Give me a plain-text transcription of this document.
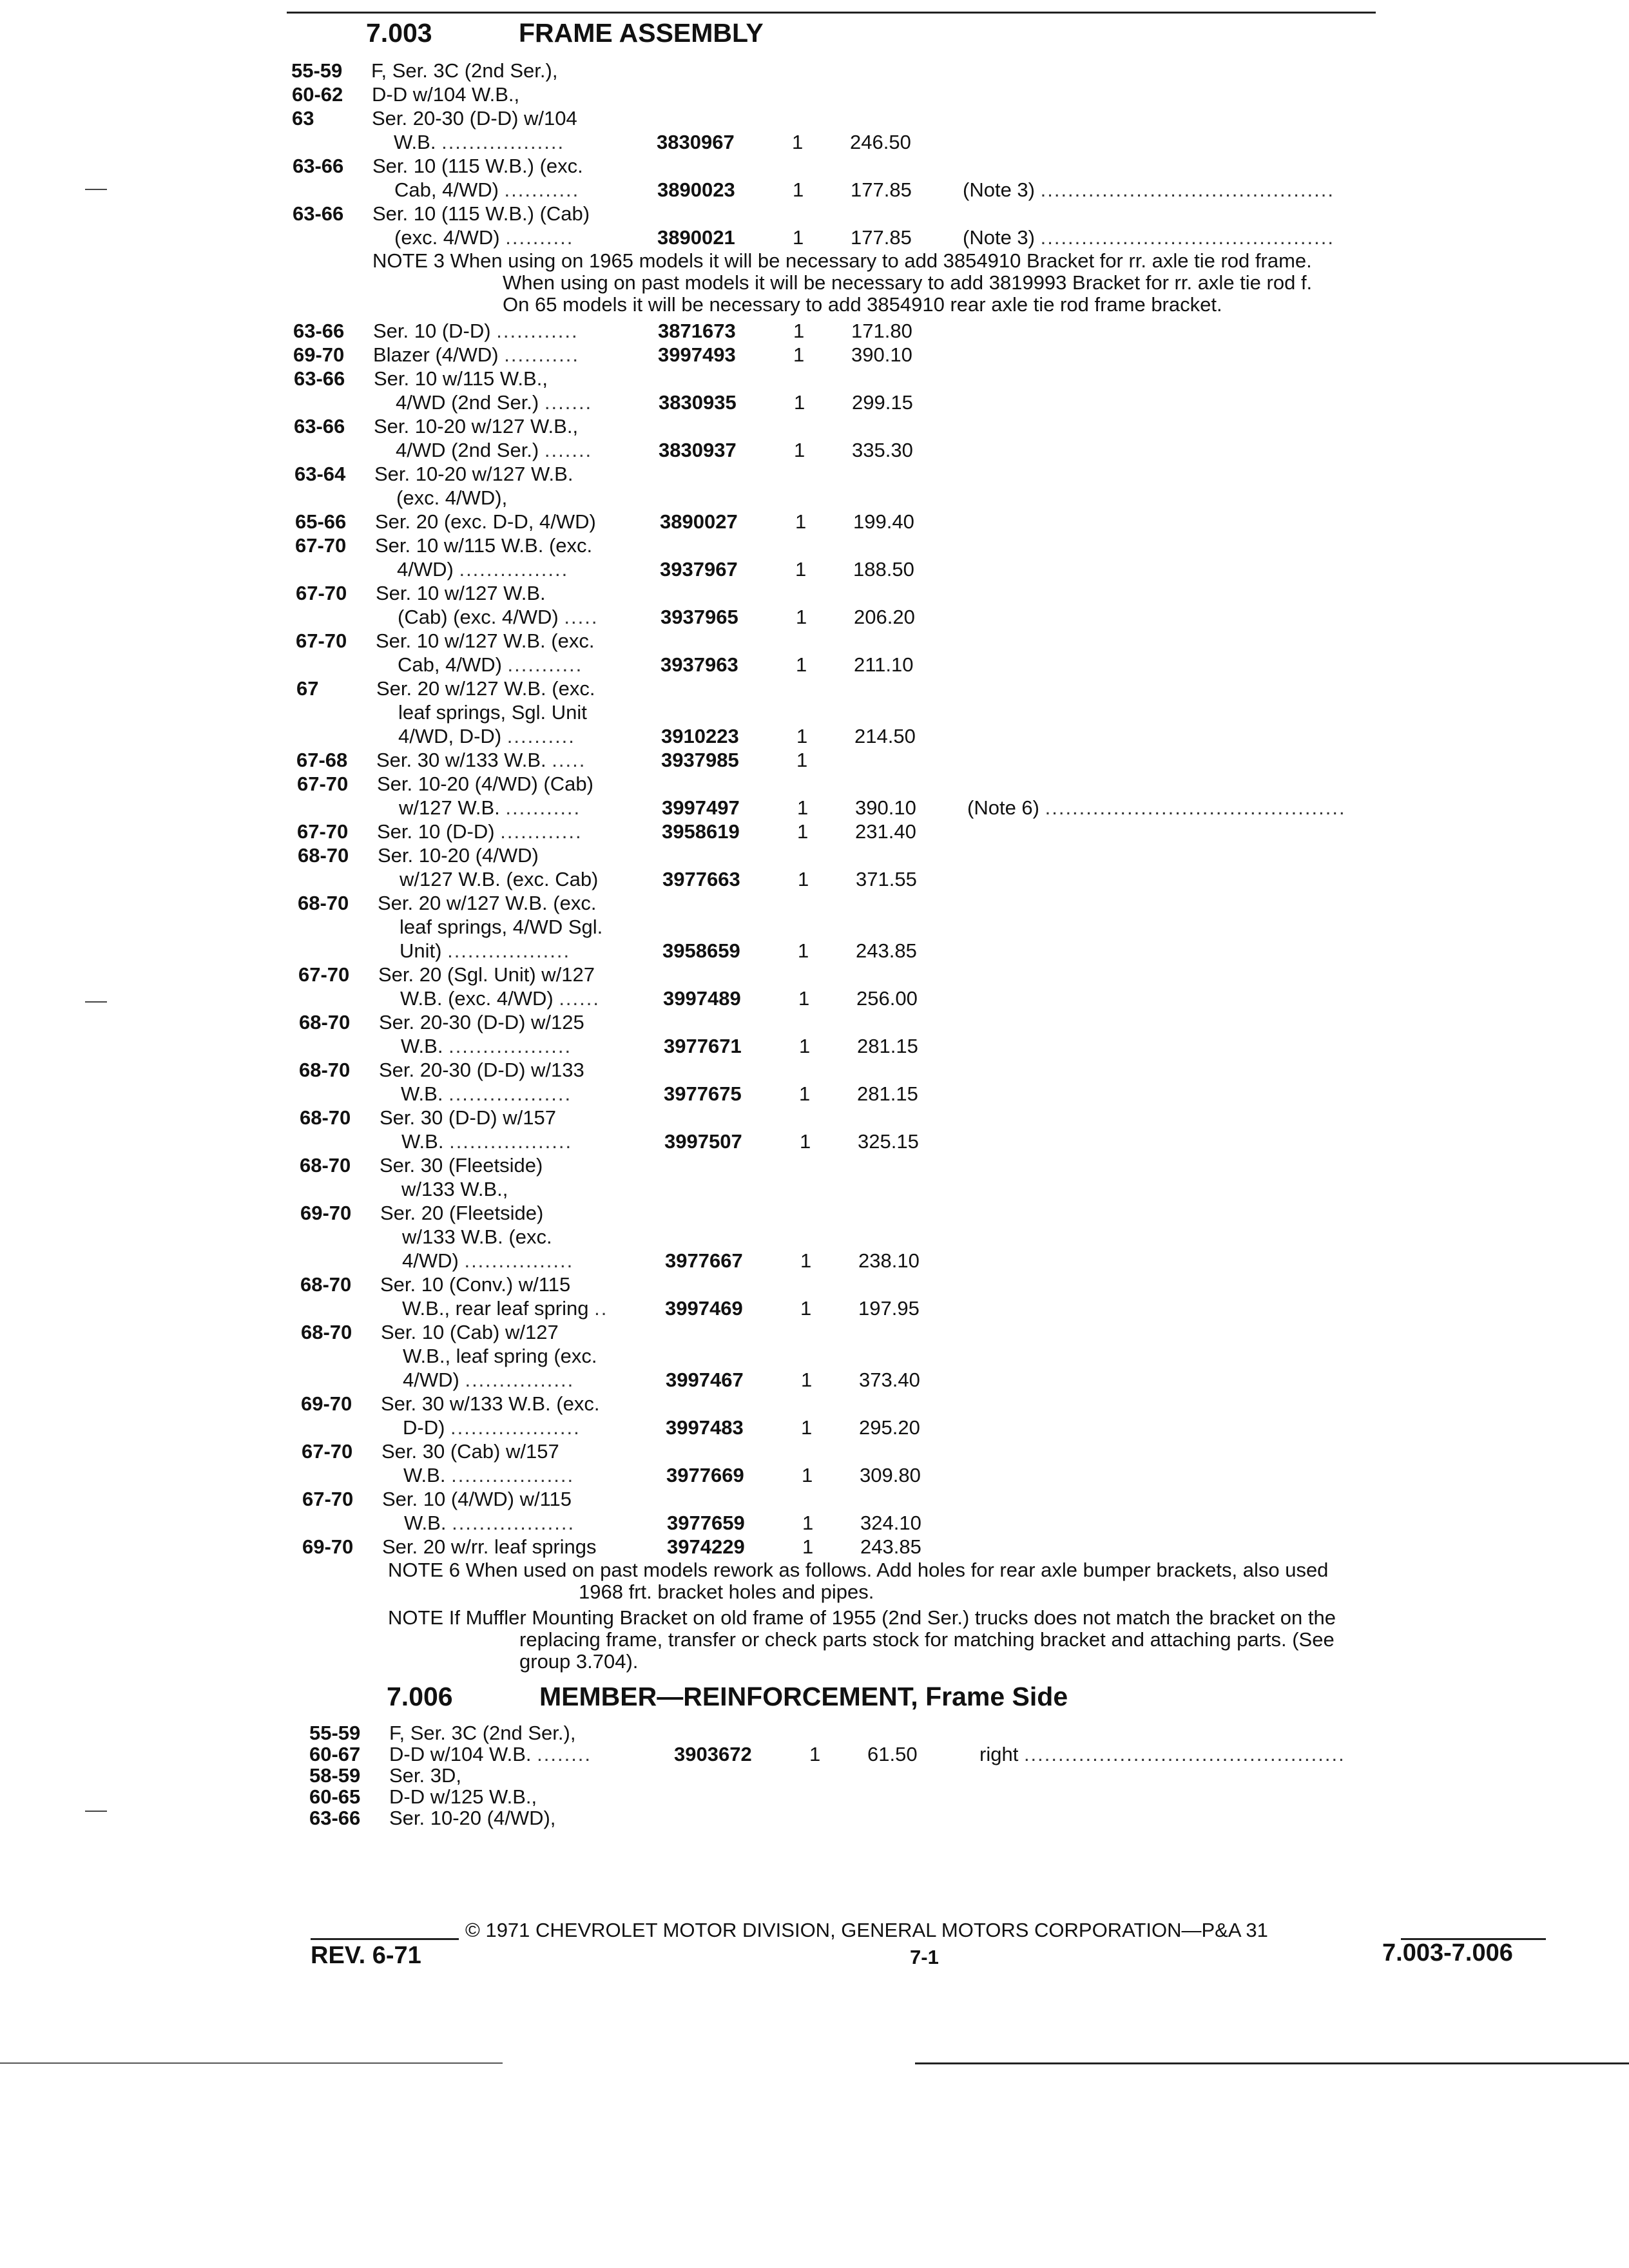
7.003	FRAME ASSEMBLY
55-59 F, Ser. 3C (2nd Ser.),
60-62 D-D w/104 W.B.,
63	Ser. 20-30 (D-D) w/104
W.B. ..................	3830967	1 246.50
63-66 Ser. 10 (115 W.B.) (exc.
Cab, 4/WD) ...........	3890023	1 177.85	(Note 3) ...........................................
63-66 Ser. 10 (115 W.B.) (Cab)
(exc. 4/WD) ..........	3890021	1 177.85	(Note 3) ...........................................
NOTE 3 When using on 1965 models it will be necessary to add 3854910 Bracket for rr. axle tie rod frame.
When using on past models it will be necessary to add 3819993 Bracket for rr. axle tie rod f.
On 65 models it will be necessary to add 3854910 rear axle tie rod frame bracket.
63-66 Ser. 10 (D-D) ............	3871673	1 171.80
69-70 Blazer (4/WD) ...........	3997493	1 390.10
63-66 Ser. 10 w/115 W.B.,
4/WD (2nd Ser.) .......	3830935	1 299.15
63-66 Ser. 10-20 w/127 W.B.,
4/WD (2nd Ser.) .......	3830937	1 335.30
63-64 Ser. 10-20 w/127 W.B.
(exc. 4/WD),
65-66 Ser. 20 (exc. D-D, 4/WD)	3890027	1 199.40
67-70 Ser. 10 w/115 W.B. (exc.
4/WD) ................	3937967	1 188.50
67-70 Ser. 10 w/127 W.B.
(Cab) (exc. 4/WD) .....	3937965	1 206.20
67-70 Ser. 10 w/127 W.B. (exc.
Cab, 4/WD) ...........	3937963	1 211.10
67	Ser. 20 w/127 W.B. (exc.
leaf springs, Sgl. Unit
4/WD, D-D) ..........	3910223	1 214.50
67-68 Ser. 30 w/133 W.B. .....	3937985	1
67-70 Ser. 10-20 (4/WD) (Cab)
w/127 W.B. ...........	3997497	1 390.10	(Note 6) ............................................
67-70 Ser. 10 (D-D) ............	3958619	1 231.40
68-70 Ser. 10-20 (4/WD)
w/127 W.B. (exc. Cab)	3977663	1 371.55
68-70 Ser. 20 w/127 W.B. (exc.
leaf springs, 4/WD Sgl.
Unit) ..................	3958659	1 243.85
67-70 Ser. 20 (Sgl. Unit) w/127
W.B. (exc. 4/WD) ......	3997489	1 256.00
68-70 Ser. 20-30 (D-D) w/125
W.B. ..................	3977671	1 281.15
68-70 Ser. 20-30 (D-D) w/133
W.B. ..................	3977675	1 281.15
68-70 Ser. 30 (D-D) w/157
W.B. ..................	3997507	1 325.15
68-70 Ser. 30 (Fleetside)
w/133 W.B.,
69-70 Ser. 20 (Fleetside)
w/133 W.B. (exc.
4/WD) ................	3977667	1 238.10
68-70 Ser. 10 (Conv.) w/115
W.B., rear leaf spring ..	3997469	1 197.95
68-70 Ser. 10 (Cab) w/127
W.B., leaf spring (exc.
4/WD) ................	3997467	1 373.40
69-70 Ser. 30 w/133 W.B. (exc.
D-D) ...................	3997483	1 295.20
67-70 Ser. 30 (Cab) w/157
W.B. ..................	3977669	1 309.80
67-70 Ser. 10 (4/WD) w/115
W.B. ..................	3977659	1 324.10
69-70 Ser. 20 w/rr. leaf springs	3974229	1 243.85
NOTE 6 When used on past models rework as follows. Add holes for rear axle bumper brackets, also used
1968 frt. bracket holes and pipes.
NOTE If Muffler Mounting Bracket on old frame of 1955 (2nd Ser.) trucks does not match the bracket on the
replacing frame, transfer or check parts stock for matching bracket and attaching parts. (See
group 3.704).
7.006	MEMBER—REINFORCEMENT, Frame Side
55-59 F, Ser. 3C (2nd Ser.),
60-67 D-D w/104 W.B. ........	3903672	1 61.50	right ...............................................
58-59 Ser. 3D,
60-65 D-D w/125 W.B.,
63-66 Ser. 10-20 (4/WD),
© 1971 CHEVROLET MOTOR DIVISION, GENERAL MOTORS CORPORATION—P&A 31
REV. 6-71	7-1	7.003-7.006
